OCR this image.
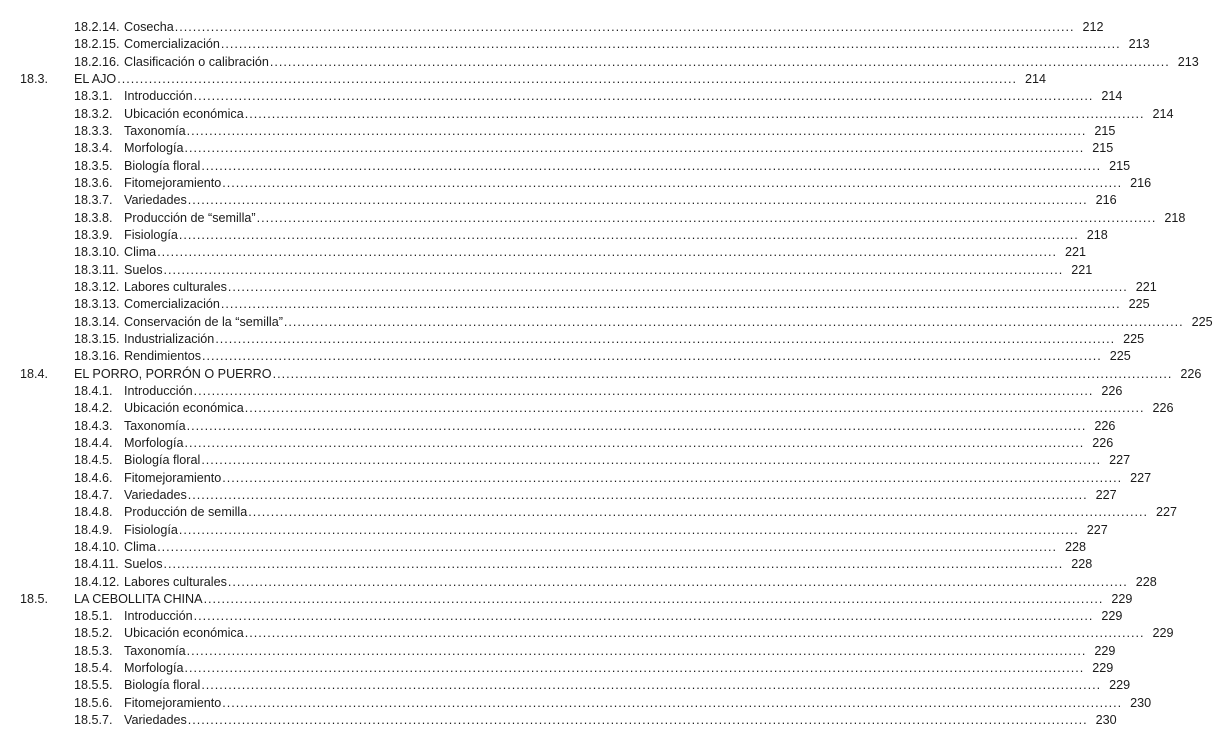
18.2.14. Cosecha ........................................................................................................................................................................................................ 212
18.2.15. Comercialización ........................................................................................................................................................................................................ 213
18.2.16. Clasificación o calibración ........................................................................................................................................................................................................ 213
18.3. EL AJO ........................................................................................................................................................................................................ 214
18.3.1. Introducción ........................................................................................................................................................................................................ 214
18.3.2. Ubicación económica ........................................................................................................................................................................................................ 214
18.3.3. Taxonomía ........................................................................................................................................................................................................ 215
18.3.4. Morfología ........................................................................................................................................................................................................ 215
18.3.5. Biología floral ........................................................................................................................................................................................................ 215
18.3.6. Fitomejoramiento ........................................................................................................................................................................................................ 216
18.3.7. Variedades ........................................................................................................................................................................................................ 216
18.3.8. Producción de “semilla” ........................................................................................................................................................................................................ 218
18.3.9. Fisiología ........................................................................................................................................................................................................ 218
18.3.10. Clima ........................................................................................................................................................................................................ 221
18.3.11. Suelos ........................................................................................................................................................................................................ 221
18.3.12. Labores culturales ........................................................................................................................................................................................................ 221
18.3.13. Comercialización ........................................................................................................................................................................................................ 225
18.3.14. Conservación de la “semilla” ........................................................................................................................................................................................................ 225
18.3.15. Industrialización ........................................................................................................................................................................................................ 225
18.3.16. Rendimientos ........................................................................................................................................................................................................ 225
18.4. EL PORRO, PORRÓN O PUERRO ........................................................................................................................................................................................................ 226
18.4.1. Introducción ........................................................................................................................................................................................................ 226
18.4.2. Ubicación económica ........................................................................................................................................................................................................ 226
18.4.3. Taxonomía ........................................................................................................................................................................................................ 226
18.4.4. Morfología ........................................................................................................................................................................................................ 226
18.4.5. Biología floral ........................................................................................................................................................................................................ 227
18.4.6. Fitomejoramiento ........................................................................................................................................................................................................ 227
18.4.7. Variedades ........................................................................................................................................................................................................ 227
18.4.8. Producción de semilla ........................................................................................................................................................................................................ 227
18.4.9. Fisiología ........................................................................................................................................................................................................ 227
18.4.10. Clima ........................................................................................................................................................................................................ 228
18.4.11. Suelos ........................................................................................................................................................................................................ 228
18.4.12. Labores culturales ........................................................................................................................................................................................................ 228
18.5. LA CEBOLLITA CHINA ........................................................................................................................................................................................................ 229
18.5.1. Introducción ........................................................................................................................................................................................................ 229
18.5.2. Ubicación económica ........................................................................................................................................................................................................ 229
18.5.3. Taxonomía ........................................................................................................................................................................................................ 229
18.5.4. Morfología ........................................................................................................................................................................................................ 229
18.5.5. Biología floral ........................................................................................................................................................................................................ 229
18.5.6. Fitomejoramiento ........................................................................................................................................................................................................ 230
18.5.7. Variedades ........................................................................................................................................................................................................ 230
